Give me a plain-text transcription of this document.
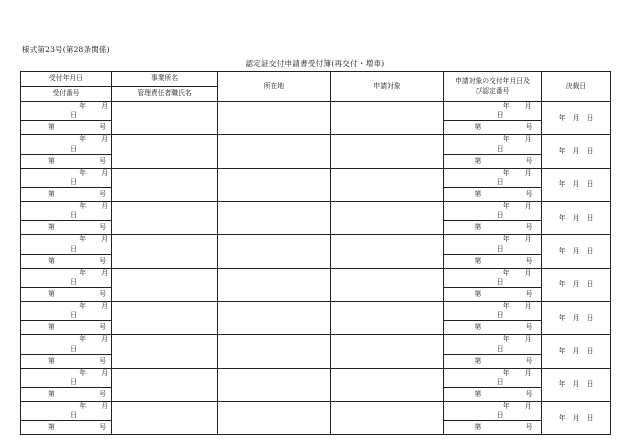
様式第23号(第28条関係)
認定証交付申請書受付簿(再交付・増車)
受付年月日	事業所名	所在地	申請対象	申請対象の交付年月日及
び認定番号	決裁日
受付番号	管理責任者職氏名				
年 月日				年 月日	年 月 日
第 号				第 号	
年 月日				年 月日	年 月 日
第 号				第 号	
年 月日				年 月日	年 月 日
第 号				第 号	
年 月日				年 月日	年 月 日
第 号				第 号	
年 月日				年 月日	年 月 日
第 号				第 号	
年 月日				年 月日	年 月 日
第 号				第 号	
年 月日				年 月日	年 月 日
第 号				第 号	
年 月日				年 月日	年 月 日
第 号				第 号	
年 月日				年 月日	年 月 日
第 号				第 号	
年 月日				年 月日	年 月 日
第 号				第 号	
